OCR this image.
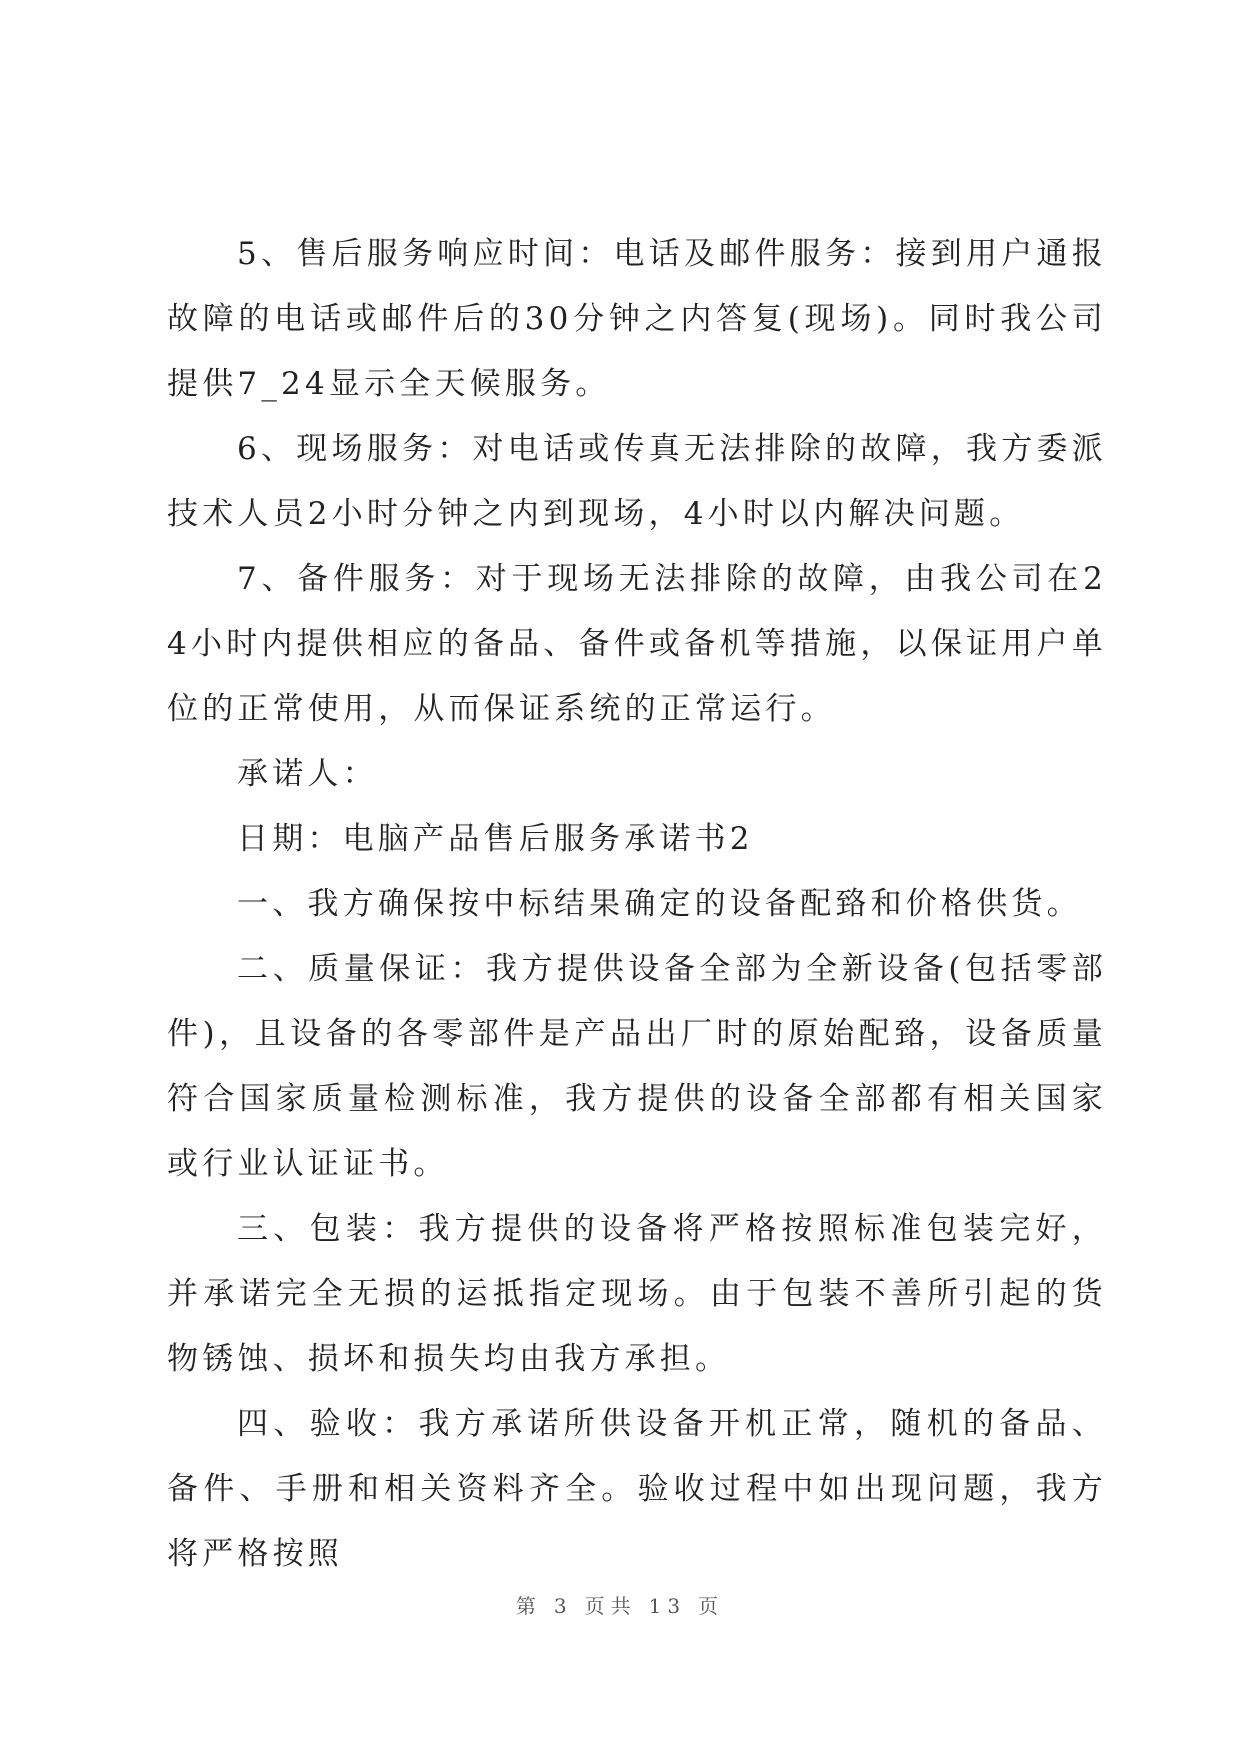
5、售后服务响应时间：电话及邮件服务：接到用户通报故障的电话或邮件后的30分钟之内答复(现场)。同时我公司提供7_24显示全天候服务。

6、现场服务：对电话或传真无法排除的故障，我方委派技术人员2小时分钟之内到现场，4小时以内解决问题。

7、备件服务：对于现场无法排除的故障，由我公司在24小时内提供相应的备品、备件或备机等措施，以保证用户单位的正常使用，从而保证系统的正常运行。

承诺人：

日期：电脑产品售后服务承诺书2

一、我方确保按中标结果确定的设备配臵和价格供货。

二、质量保证：我方提供设备全部为全新设备(包括零部件)，且设备的各零部件是产品出厂时的原始配臵，设备质量符合国家质量检测标准，我方提供的设备全部都有相关国家或行业认证证书。

三、包装：我方提供的设备将严格按照标准包装完好，并承诺完全无损的运抵指定现场。由于包装不善所引起的货物锈蚀、损坏和损失均由我方承担。

四、验收：我方承诺所供设备开机正常，随机的备品、备件、手册和相关资料齐全。验收过程中如出现问题，我方将严格按照

第 3 页共 13 页
